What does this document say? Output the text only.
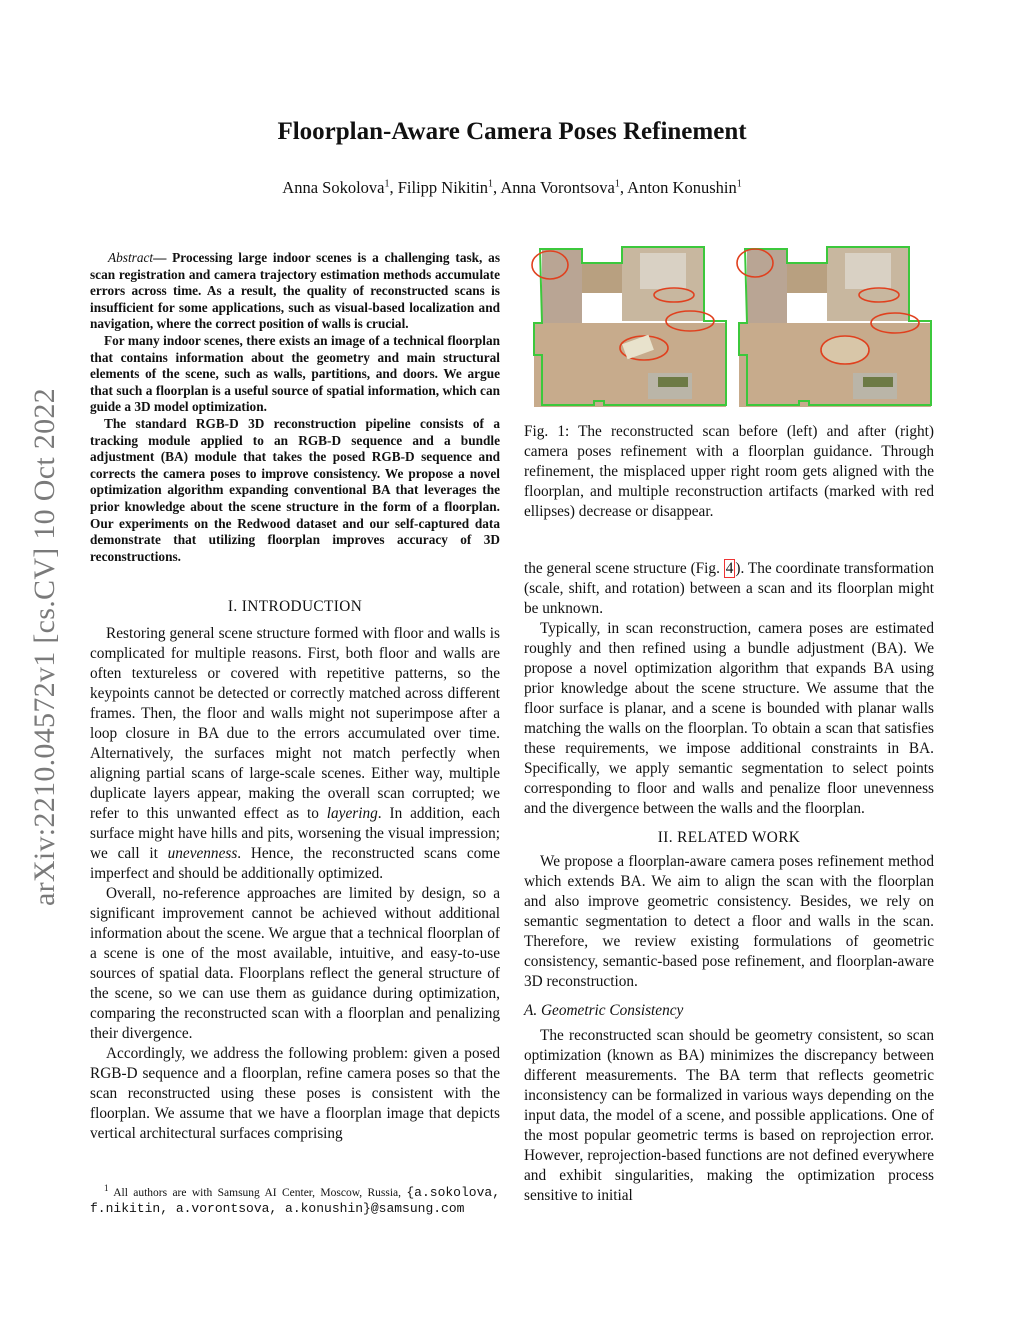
arXiv:2210.04572v1 [cs.CV] 10 Oct 2022
Floorplan-Aware Camera Poses Refinement
Anna Sokolova$^1$, Filipp Nikitin$^1$, Anna Vorontsova$^1$, Anton Konushin$^1$

Abstract— Processing large indoor scenes is a challenging task, as scan registration and camera trajectory estimation methods accumulate errors across time. As a result, the quality of reconstructed scans is insufficient for some applications, such as visual-based localization and navigation, where the correct position of walls is crucial.

For many indoor scenes, there exists an image of a technical floorplan that contains information about the geometry and main structural elements of the scene, such as walls, partitions, and doors. We argue that such a floorplan is a useful source of spatial information, which can guide a 3D model optimization.

The standard RGB-D 3D reconstruction pipeline consists of a tracking module applied to an RGB-D sequence and a bundle adjustment (BA) module that takes the posed RGB-D sequence and corrects the camera poses to improve consistency. We propose a novel optimization algorithm expanding conventional BA that leverages the prior knowledge about the scene structure in the form of a floorplan. Our experiments on the Redwood dataset and our self-captured data demonstrate that utilizing floorplan improves accuracy of 3D reconstructions.

I. INTRODUCTION

Restoring general scene structure formed with floor and walls is complicated for multiple reasons. First, both floor and walls are often textureless or covered with repetitive patterns, so the keypoints cannot be detected or correctly matched across different frames. Then, the floor and walls might not superimpose after a loop closure in BA due to the errors accumulated over time. Alternatively, the surfaces might not match perfectly when aligning partial scans of large-scale scenes. Either way, multiple duplicate layers appear, making the overall scan corrupted; we refer to this unwanted effect as to layering. In addition, each surface might have hills and pits, worsening the visual impression; we call it unevenness. Hence, the reconstructed scans come imperfect and should be additionally optimized.

Overall, no-reference approaches are limited by design, so a significant improvement cannot be achieved without additional information about the scene. We argue that a technical floorplan of a scene is one of the most available, intuitive, and easy-to-use sources of spatial data. Floorplans reflect the general structure of the scene, so we can use them as guidance during optimization, comparing the reconstructed scan with a floorplan and penalizing their divergence.

Accordingly, we address the following problem: given a posed RGB-D sequence and a floorplan, refine camera poses so that the scan reconstructed using these poses is consistent with the floorplan. We assume that we have a floorplan image that depicts vertical architectural surfaces comprising

$^1$ All authors are with Samsung AI Center, Moscow, Russia, {a.sokolova, f.nikitin, a.vorontsova, a.konushin}@samsung.com
Fig. 1: The reconstructed scan before (left) and after (right) camera poses refinement with a floorplan guidance. Through refinement, the misplaced upper right room gets aligned with the floorplan, and multiple reconstruction artifacts (marked with red ellipses) decrease or disappear.

the general scene structure (Fig. 4 ). The coordinate transformation (scale, shift, and rotation) between a scan and its floorplan might be unknown.

Typically, in scan reconstruction, camera poses are estimated roughly and then refined using a bundle adjustment (BA). We propose a novel optimization algorithm that expands BA using prior knowledge about the scene structure. We assume that the floor surface is planar, and a scene is bounded with planar walls matching the walls on the floorplan. To obtain a scan that satisfies these requirements, we impose additional constraints in BA. Specifically, we apply semantic segmentation to select points corresponding to floor and walls and penalize floor unevenness and the divergence between the walls and the floorplan.

II. RELATED WORK

We propose a floorplan-aware camera poses refinement method which extends BA. We aim to align the scan with the floorplan and also improve geometric consistency. Besides, we rely on semantic segmentation to detect a floor and walls in the scan. Therefore, we review existing formulations of geometric consistency, semantic-based pose refinement, and floorplan-aware 3D reconstruction.

A. Geometric Consistency

The reconstructed scan should be geometry consistent, so scan optimization (known as BA) minimizes the discrepancy between different measurements. The BA term that reflects geometric inconsistency can be formalized in various ways depending on the input data, the model of a scene, and possible applications. One of the most popular geometric terms is based on reprojection error. However, reprojection-based functions are not defined everywhere and exhibit singularities, making the optimization process sensitive to initial
